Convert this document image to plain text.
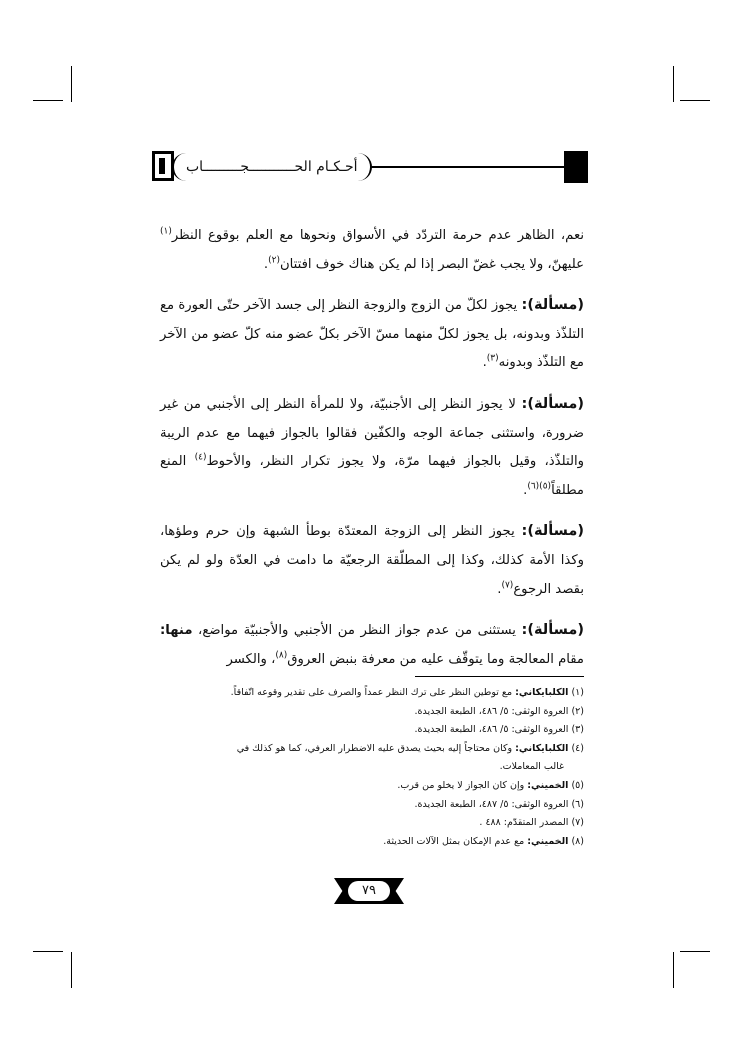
أحـكـام الحـــــــــــجـــــــــاب

نعم، الظاهر عدم حرمة التردّد في الأسواق ونحوها مع العلم بوقوع النظر$^{(١)}$ عليهنّ، ولا يجب غضّ البصر إذا لم يكن هناك خوف افتتان$^{(٢)}$.

(مسألة): يجوز لكلّ من الزوج والزوجة النظر إلى جسد الآخر حتّى العورة مع التلذّذ وبدونه، بل يجوز لكلّ منهما مسّ الآخر بكلّ عضو منه كلّ عضو من الآخر مع التلذّذ وبدونه$^{(٣)}$.

(مسألة): لا يجوز النظر إلى الأجنبيّة، ولا للمرأة النظر إلى الأجنبي من غير ضرورة، واستثنى جماعة الوجه والكفّين فقالوا بالجواز فيهما مع عدم الريبة والتلذّذ، وقيل بالجواز فيهما مرّة، ولا يجوز تكرار النظر، والأحوط$^{(٤)}$ المنع مطلقاً$^{(٥)(٦)}$.

(مسألة): يجوز النظر إلى الزوجة المعتدّة بوطأ الشبهة وإن حرم وطؤها، وكذا الأمة كذلك، وكذا إلى المطلّقة الرجعيّة ما دامت في العدّة ولو لم يكن بقصد الرجوع$^{(٧)}$.

(مسألة): يستثنى من عدم جواز النظر من الأجنبي والأجنبيّة مواضع، منها: مقام المعالجة وما يتوقّف عليه من معرفة بنبض العروق$^{(٨)}$، والكسر

(١) الكلبايكاني: مع توطين النظر على ترك النظر عمداً والصرف على تقدير وقوعه اتّفاقاً.
(٢) العروة الوثقى: ٥/ ٤٨٦، الطبعة الجديدة.
(٣) العروة الوثقى: ٥/ ٤٨٦، الطبعة الجديدة.
(٤) الكلبايكاني: وكان محتاجاً إليه بحيث يصدق عليه الاضطرار العرفي، كما هو كذلك في
غالب المعاملات.
(٥) الخميني: وإن كان الجواز لا يخلو من قرب.
(٦) العروة الوثقى: ٥/ ٤٨٧، الطبعة الجديدة.
(٧) المصدر المتقدّم: ٤٨٨ .
(٨) الخميني: مع عدم الإمكان بمثل الآلات الحديثة.
٧٩
